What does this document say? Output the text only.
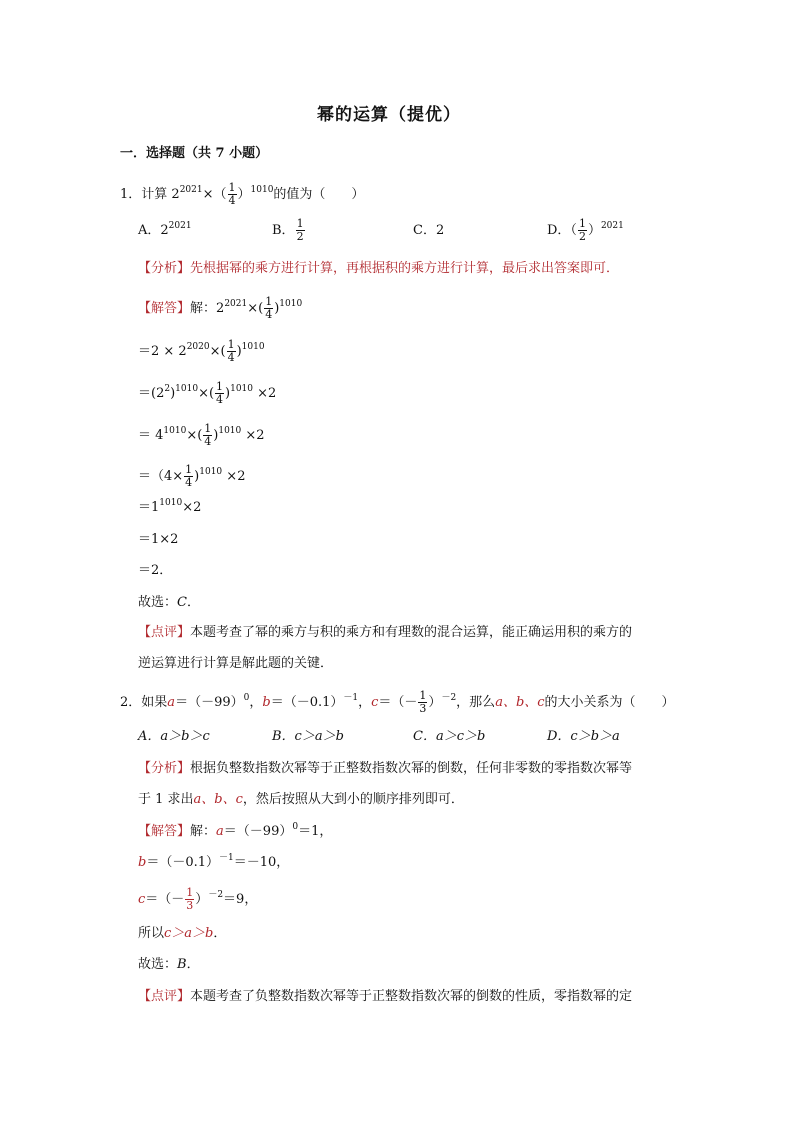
幂的运算（提优）
一．选择题（共 7 小题）
1．计算 $2^{2021}\times( \frac{1}{4} )^{1010}$的值为（　　）
A．$2^{2021}$	B． $\frac{1}{2}$	C．2	D．（ $\frac{1}{2} )^{2021}$
【分析】先根据幂的乘方进行计算，再根据积的乘方进行计算，最后求出答案即可．
【解答】解：$2^{2021}\times( \frac{1}{4} )^{1010}$
$=2 \times 2^{2020}\times( \frac{1}{4} )^{1010}$
$=(2^2)^{1010}\times( \frac{1}{4} )^{1010} \times 2$
＝ $4^{1010}\times( \frac{1}{4} )^{1010} \times 2$
$=(4\times \frac{1}{4} )^{1010} \times 2$
$=1^{1010}\times 2$
＝1×2
＝2．
故选：C．
【点评】本题考查了幂的乘方与积的乘方和有理数的混合运算，能正确运用积的乘方的
逆运算进行计算是解此题的关键．
2．如果$a=(-99)^0$，$b=(-0.1)^{-1}$，$c=(- \frac{1}{3} )^{-2}$，那么a、b、c的大小关系为（　　）
A．a＞b＞c	B．c＞a＞b	C．a＞c＞b	D．c＞b＞a
【分析】根据负整数指数次幂等于正整数指数次幂的倒数，任何非零数的零指数次幂等
于 1 求出a、b、c，然后按照从大到小的顺序排列即可．
【解答】解：$a=(-99)^0=1$，
$b=(-0.1)^{-1}=-10$，
$c=(- \frac{1}{3} )^{-2}=9$，
所以c＞a＞b．
故选：B．
【点评】本题考查了负整数指数次幂等于正整数指数次幂的倒数的性质，零指数幂的定
